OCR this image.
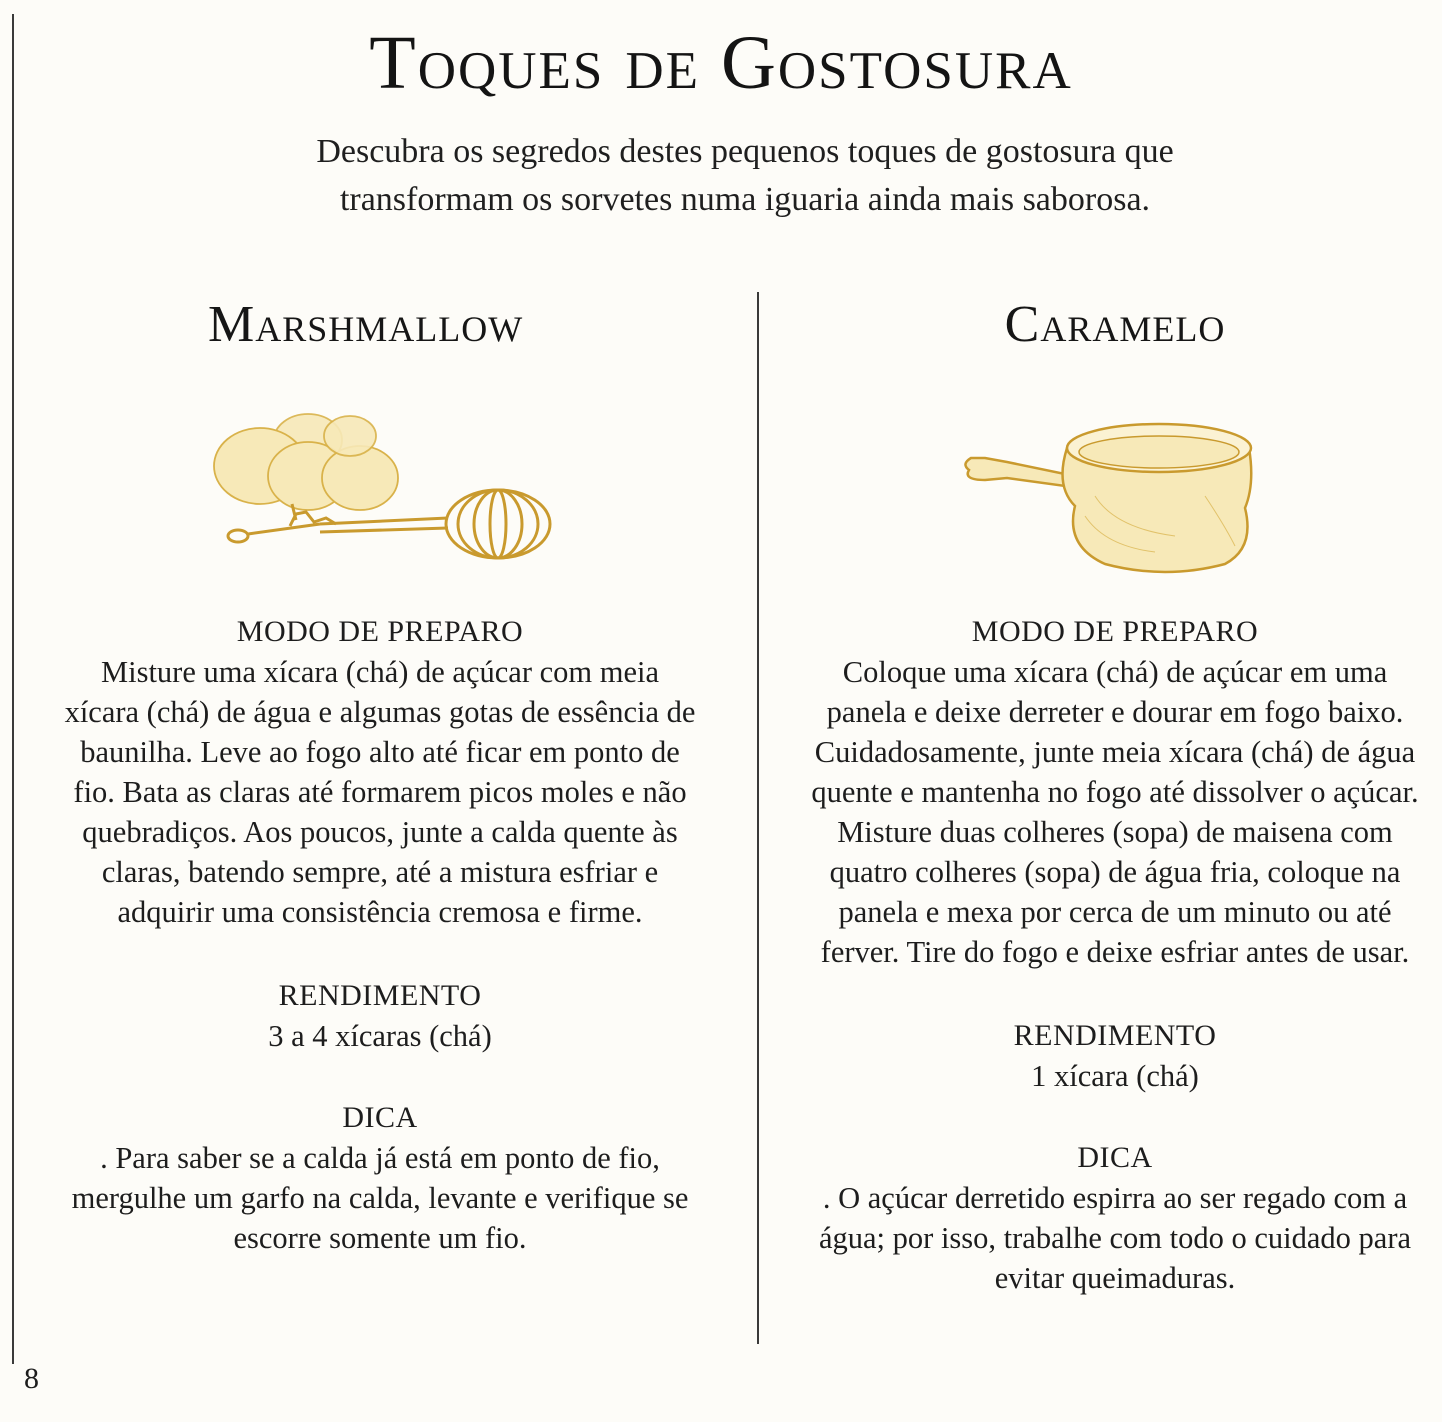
Toques de Gostosura
Descubra os segredos destes pequenos toques de gostosura que
transformam os sorvetes numa iguaria ainda mais saborosa.
Marshmallow

MODO DE PREPARO

Misture uma xícara (chá) de açúcar com meia
xícara (chá) de água e algumas gotas de essência de
baunilha. Leve ao fogo alto até ficar em ponto de
fio. Bata as claras até formarem picos moles e não
quebradiços. Aos poucos, junte a calda quente às
claras, batendo sempre, até a mistura esfriar e
adquirir uma consistência cremosa e firme.

RENDIMENTO

3 a 4 xícaras (chá)

DICA

. Para saber se a calda já está em ponto de fio,
mergulhe um garfo na calda, levante e verifique se
escorre somente um fio.
Caramelo

MODO DE PREPARO

Coloque uma xícara (chá) de açúcar em uma
panela e deixe derreter e dourar em fogo baixo.
Cuidadosamente, junte meia xícara (chá) de água
quente e mantenha no fogo até dissolver o açúcar.
Misture duas colheres (sopa) de maisena com
quatro colheres (sopa) de água fria, coloque na
panela e mexa por cerca de um minuto ou até
ferver. Tire do fogo e deixe esfriar antes de usar.

RENDIMENTO

1 xícara (chá)

DICA

. O açúcar derretido espirra ao ser regado com a
água; por isso, trabalhe com todo o cuidado para
evitar queimaduras.
8
